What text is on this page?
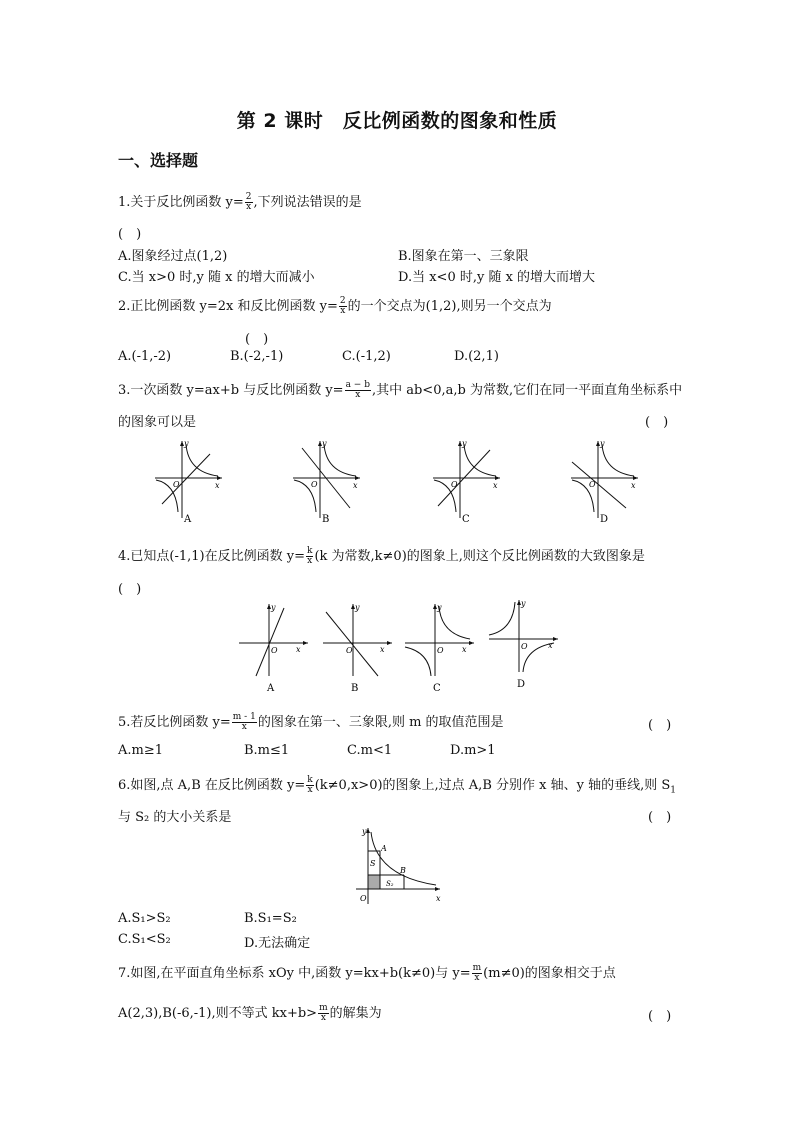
第 2 课时　反比例函数的图象和性质
一、选择题
1.关于反比例函数 $y= \frac{2}{x}$ ,下列说法错误的是
(　)
A.图象经过点(1,2)	B.图象在第一、三象限
C.当 x>0 时,y 随 x 的增大而减小	D.当 x<0 时,y 随 x 的增大而增大
2.正比例函数 y=2x 和反比例函数 $y= \frac{2}{x}$ 的一个交点为(1,2),则另一个交点为
(　)
A.(-1,-2)	B.(-2,-1)	C.(-1,2)	D.(2,1)
3.一次函数 y=ax+b 与反比例函数 $y= \frac{a - b}{x}$ ,其中 ab<0,a,b 为常数,它们在同一平面直角坐标系中
的图象可以是	(　)
y
x
O
A
y
x
O
B
y
x
O
C
y
x
O
D
4.已知点(-1,1)在反比例函数 $y= \frac{k}{x} (k$ 为常数,k≠0)的图象上,则这个反比例函数的大致图象是
(　)
y
x
O
A
y
x
O
B
y
x
O
C
y
x
O
D
5.若反比例函数 $y= \frac{m - 1}{x}$ 的图象在第一、三象限,则 m 的取值范围是	(　)
A.m≥1	B.m≤1	C.m<1	D.m>1
6.如图,点 A,B 在反比例函数 $y= \frac{k}{x} (k\ne 0,x>0)$的图象上,过点 A,B 分别作 x 轴、y 轴的垂线,则 $S_1$
与 S₂ 的大小关系是	(　)
y
x
O
A
B
S
S₂
A.S₁>S₂	B.S₁=S₂
C.S₁<S₂	D.无法确定
7.如图,在平面直角坐标系 xOy 中,函数 y=kx+b(k≠0)与 $y= \frac{m}{x} (m\ne 0)$的图象相交于点
A(2,3),B(-6,-1),则不等式 $kx+b> \frac{m}{x}$ 的解集为	(　)
